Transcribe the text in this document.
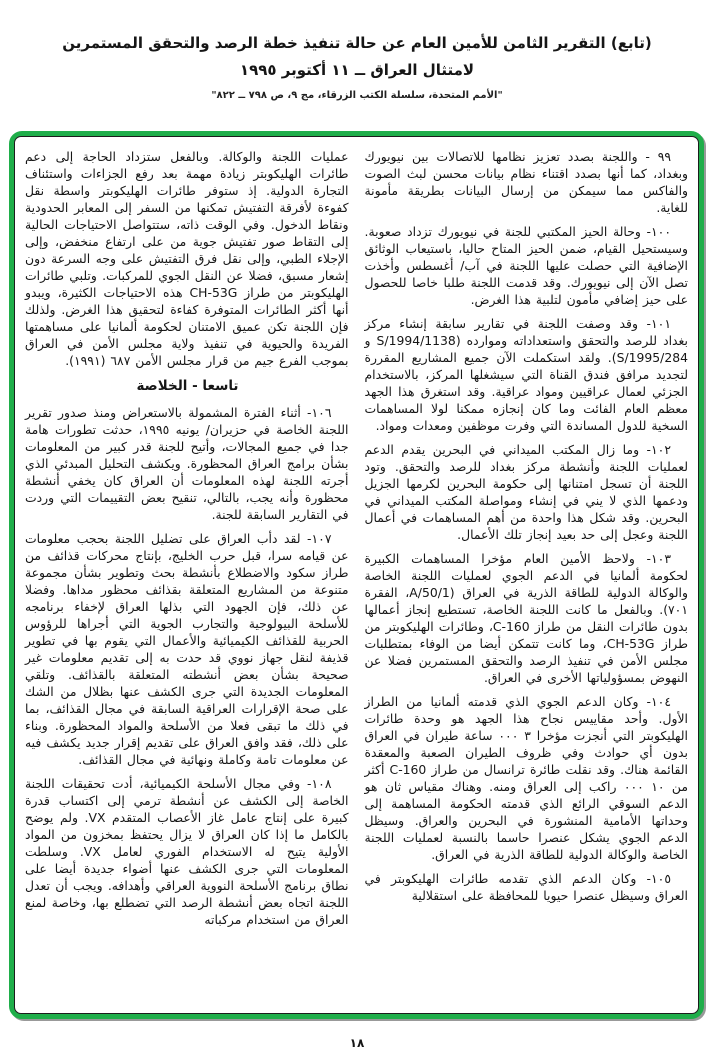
(تابع) التقرير الثامن للأمين العام عن حالة تنفيذ خطة الرصد والتحقق المستمرين
لامتثال العراق ــ ١١ أكتوبر ١٩٩٥
"الأمم المتحدة، سلسلة الكتب الزرقاء، مج ٩، ص ٧٩٨ ــ ٨٢٢"

٩٩ - واللجنة بصدد تعزيز نظامها للاتصالات بين نيويورك وبغداد، كما أنها بصدد اقتناء نظام بيانات محسن لبث الصوت والفاكس مما سيمكن من إرسال البيانات بطريقة مأمونة للغاية.

١٠٠- وحالة الحيز المكتبي للجنة في نيويورك تزداد صعوبة. وسيستحيل القيام، ضمن الحيز المتاح حاليا، باستيعاب الوثائق الإضافية التي حصلت عليها اللجنة في آب/ أغسطس وأخذت تصل الآن إلى نيويورك. وقد قدمت اللجنة طلبا خاصا للحصول على حيز إضافي مأمون لتلبية هذا الغرض.

١٠١- وقد وصفت اللجنة في تقارير سابقة إنشاء مركز بغداد للرصد والتحقق واستعداداته وموارده (S/1994/1138 و S/1995/284). ولقد استكملت الآن جميع المشاريع المقررة لتجديد مرافق فندق القناة التي سيشغلها المركز، بالاستخدام الجزئي لعمال عراقيين ومواد عراقية. وقد استغرق هذا الجهد معظم العام الفائت وما كان إنجازه ممكنا لولا المساهمات السخية للدول المساندة التي وفرت موظفين ومعدات ومواد.

١٠٢- وما زال المكتب الميداني في البحرين يقدم الدعم لعمليات اللجنة وأنشطة مركز بغداد للرصد والتحقق. وتود اللجنة أن تسجل امتنانها إلى حكومة البحرين لكرمها الجزيل ودعمها الذي لا يني في إنشاء ومواصلة المكتب الميداني في البحرين. وقد شكل هذا واحدة من أهم المساهمات في أعمال اللجنة وعجل إلى حد بعيد إنجاز تلك الأعمال.

١٠٣- ولاحظ الأمين العام مؤخرا المساهمات الكبيرة لحكومة ألمانيا في الدعم الجوي لعمليات اللجنة الخاصة والوكالة الدولية للطاقة الذرية في العراق (A/50/1، الفقرة ٧٠١). وبالفعل ما كانت اللجنة الخاصة، تستطيع إنجاز أعمالها بدون طائرات النقل من طراز C-160، وطائرات الهليكوبتر من طراز CH-53G، وما كانت تتمكن أيضا من الوفاء بمتطلبات مجلس الأمن في تنفيذ الرصد والتحقق المستمرين فضلا عن النهوض بمسؤولياتها الأخرى في العراق.

١٠٤- وكان الدعم الجوي الذي قدمته ألمانيا من الطراز الأول. وأحد مقاييس نجاح هذا الجهد هو وحدة طائرات الهليكوبتر التي أنجزت مؤخرا ٣ ٠٠٠ ساعة طيران في العراق بدون أي حوادث وفي ظروف الطيران الصعبة والمعقدة القائمة هناك. وقد نقلت طائرة ترانسال من طراز C-160 أكثر من ١٠ ٠٠٠ راكب إلى العراق ومنه. وهناك مقياس ثان هو الدعم السوقي الرائع الذي قدمته الحكومة المساهمة إلى وحداتها الأمامية المنشورة في البحرين والعراق. وسيظل الدعم الجوي يشكل عنصرا حاسما بالنسبة لعمليات اللجنة الخاصة والوكالة الدولية للطاقة الذرية في العراق.

١٠٥- وكان الدعم الذي تقدمه طائرات الهليكوبتر في العراق وسيظل عنصرا حيويا للمحافظة على استقلالية

عمليات اللجنة والوكالة. وبالفعل ستزداد الحاجة إلى دعم طائرات الهليكوبتر زيادة مهمة بعد رفع الجزاءات واستئناف التجارة الدولية. إذ ستوفر طائرات الهليكوبتر واسطة نقل كفوءة لأفرقة التفتيش تمكنها من السفر إلى المعابر الحدودية ونقاط الدخول. وفي الوقت ذاته، ستتواصل الاحتياجات الحالية إلى التقاط صور تفتيش جوية من على ارتفاع منخفض، وإلى الإجلاء الطبي، وإلى نقل فرق التفتيش على وجه السرعة دون إشعار مسبق، فضلا عن النقل الجوي للمركبات. وتلبي طائرات الهليكوبتر من طراز CH-53G هذه الاحتياجات الكثيرة، ويبدو أنها أكثر الطائرات المتوفرة كفاءة لتحقيق هذا الغرض. ولذلك فإن اللجنة تكن عميق الامتنان لحكومة ألمانيا على مساهمتها الفريدة والحيوية في تنفيذ ولاية مجلس الأمن في العراق بموجب الفرع جيم من قرار مجلس الأمن ٦٨٧ (١٩٩١).

تاسعا - الخلاصة

١٠٦- أثناء الفترة المشمولة بالاستعراض ومنذ صدور تقرير اللجنة الخاصة في حزيران/ يونيه ١٩٩٥، حدثت تطورات هامة جدا في جميع المجالات، وأتيح للجنة قدر كبير من المعلومات بشأن برامج العراق المحظورة. ويكشف التحليل المبدئي الذي أجرته اللجنة لهذه المعلومات أن العراق كان يخفي أنشطة محظورة وأنه يجب، بالتالي، تنقيح بعض التقييمات التي وردت في التقارير السابقة للجنة.

١٠٧- لقد دأب العراق على تضليل اللجنة بحجب معلومات عن قيامه سرا، قبل حرب الخليج، بإنتاج محركات قذائف من طراز سكود والاضطلاع بأنشطة بحث وتطوير بشأن مجموعة متنوعة من المشاريع المتعلقة بقذائف محظور مداها. وفضلا عن ذلك، فإن الجهود التي بذلها العراق لإخفاء برنامجه للأسلحة البيولوجية والتجارب الجوية التي أجراها للرؤوس الحربية للقذائف الكيميائية والأعمال التي يقوم بها في تطوير قذيفة لنقل جهاز نووي قد حدت به إلى تقديم معلومات غير صحيحة بشأن بعض أنشطته المتعلقة بالقذائف. وتلقي المعلومات الجديدة التي جرى الكشف عنها بظلال من الشك على صحة الإقرارات العراقية السابقة في مجال القذائف، بما في ذلك ما تبقى فعلا من الأسلحة والمواد المحظورة. وبناء على ذلك، فقد وافق العراق على تقديم إقرار جديد يكشف فيه عن معلومات تامة وكاملة ونهائية في مجال القذائف.

١٠٨- وفي مجال الأسلحة الكيميائية، أدت تحقيقات اللجنة الخاصة إلى الكشف عن أنشطة ترمي إلى اكتساب قدرة كبيرة على إنتاج عامل غاز الأعصاب المتقدم VX. ولم يوضح بالكامل ما إذا كان العراق لا يزال يحتفظ بمخزون من المواد الأولية يتيح له الاستخدام الفوري لعامل VX. وسلطت المعلومات التي جرى الكشف عنها أضواء جديدة أيضا على نطاق برنامج الأسلحة النووية العراقي وأهدافه. ويجب أن تعدل اللجنة اتجاه بعض أنشطة الرصد التي تضطلع بها، وخاصة لمنع العراق من استخدام مركباته

١٨
